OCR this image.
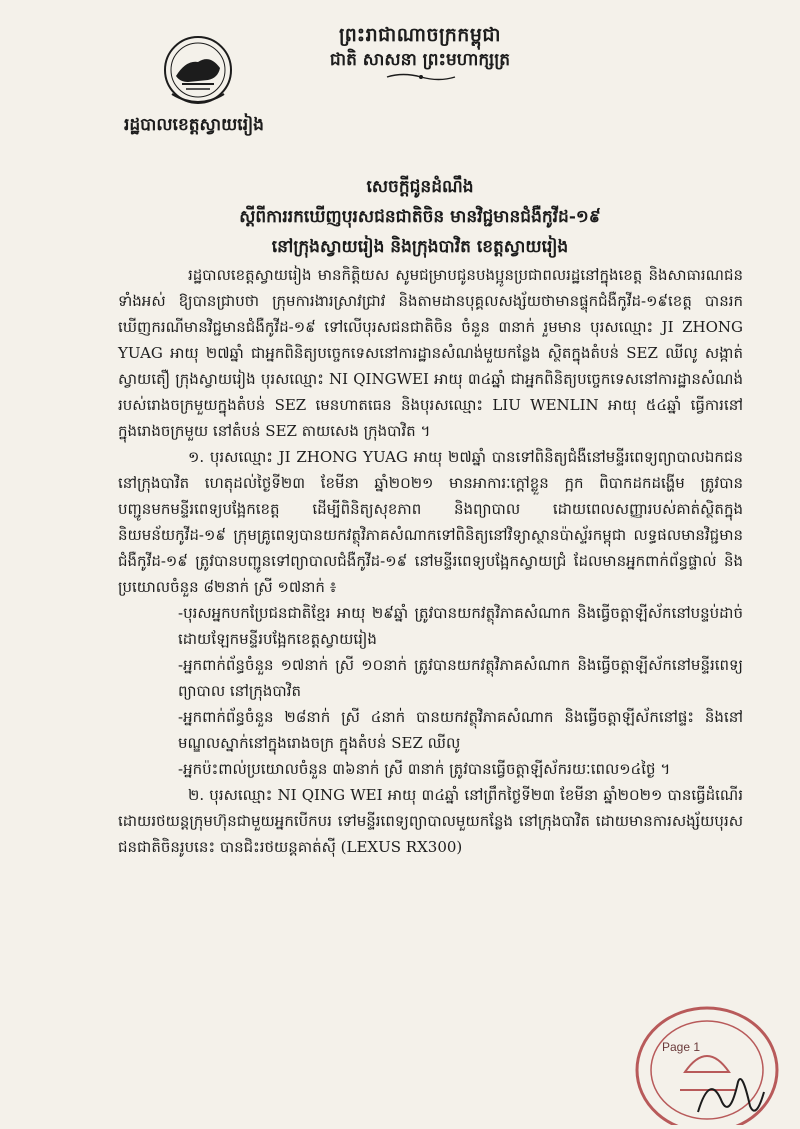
ព្រះរាជាណាចក្រកម្ពុជា
ជាតិ សាសនា ព្រះមហាក្សត្រ
រដ្ឋបាលខេត្តស្វាយរៀង
សេចក្តីជូនដំណឹង
ស្តីពីការរកឃើញបុរសជនជាតិចិន មានវិជ្ជមានជំងឺកូវីដ-១៩
នៅក្រុងស្វាយរៀង និងក្រុងបាវិត ខេត្តស្វាយរៀង

រដ្ឋបាលខេត្តស្វាយរៀង មានកិត្តិយស សូមជម្រាបជូនបងប្អូនប្រជាពលរដ្ឋនៅក្នុងខេត្ត និងសាធារណជនទាំងអស់ ឱ្យបានជ្រាបថា ក្រុមការងារស្រាវជ្រាវ និងតាមដានបុគ្គលសង្ស័យថាមានផ្ទុកជំងឺកូវីដ-១៩ខេត្ត បានរកឃើញករណីមានវិជ្ជមានជំងឺកូវីដ-១៩ ទៅលើបុរសជនជាតិចិន ចំនួន ៣នាក់ រួមមាន បុរសឈ្មោះ JI ZHONG YUAG អាយុ ២៧ឆ្នាំ ជាអ្នកពិនិត្យបច្ចេកទេសនៅការដ្ឋានសំណង់មួយកន្លែង ស្ថិតក្នុងតំបន់ SEZ ឈីលូ សង្កាត់ស្វាយតឿ ក្រុងស្វាយរៀង បុរសឈ្មោះ NI QINGWEI អាយុ ៣៤ឆ្នាំ ជាអ្នកពិនិត្យបច្ចេកទេសនៅការដ្ឋានសំណង់ របស់រោងចក្រមួយក្នុងតំបន់ SEZ មេនហាតធេន និងបុរសឈ្មោះ LIU WENLIN អាយុ ៥៤ឆ្នាំ ធ្វើការនៅក្នុងរោងចក្រមួយ នៅតំបន់ SEZ តាយសេង ក្រុងបាវិត ។

១. បុរសឈ្មោះ JI ZHONG YUAG អាយុ ២៧ឆ្នាំ បានទៅពិនិត្យជំងឺនៅមន្ទីរពេទ្យព្យាបាលឯកជន នៅក្រុងបាវិត ហេតុដល់ថ្ងៃទី២៣ ខែមីនា ឆ្នាំ២០២១ មានអាការៈក្តៅខ្លួន ក្អក ពិបាកដកដង្ហើម ត្រូវបានបញ្ជូនមកមន្ទីរពេទ្យបង្អែកខេត្ត ដើម្បីពិនិត្យសុខភាព និងព្យាបាល ដោយពេលសញ្ញារបស់គាត់ស្ថិតក្នុងនិយមន័យកូវីដ-១៩ ក្រុមគ្រូពេទ្យបានយកវត្ថុវិភាគសំណាកទៅពិនិត្យនៅវិទ្យាស្ថានប៉ាស្ទ័រកម្ពុជា លទ្ធផលមានវិជ្ជមានជំងឺកូវីដ-១៩ ត្រូវបានបញ្ជូនទៅព្យាបាលជំងឺកូវីដ-១៩ នៅមន្ទីរពេទ្យបង្អែកស្វាយជ្រំ ដែលមានអ្នកពាក់ព័ន្ធផ្ទាល់ និងប្រយោលចំនួន ៨២នាក់ ស្រី ១៧នាក់ ៖

-បុរសអ្នកបកប្រែជនជាតិខ្មែរ អាយុ ២៩ឆ្នាំ ត្រូវបានយកវត្ថុវិភាគសំណាក និងធ្វើចត្តាឡីស័កនៅបន្ទប់ដាច់ដោយឡែកមន្ទីរបង្អែកខេត្តស្វាយរៀង

-អ្នកពាក់ព័ន្ធចំនួន ១៧នាក់ ស្រី ១០នាក់ ត្រូវបានយកវត្ថុវិភាគសំណាក និងធ្វើចត្តាឡីស័កនៅមន្ទីរពេទ្យព្យាបាល នៅក្រុងបាវិត

-អ្នកពាក់ព័ន្ធចំនួន ២៨នាក់ ស្រី ៤នាក់ បានយកវត្ថុវិភាគសំណាក និងធ្វើចត្តាឡីស័កនៅផ្ទះ និងនៅមណ្ឌលស្នាក់នៅក្នុងរោងចក្រ ក្នុងតំបន់ SEZ ឈីលូ

-អ្នកប៉ះពាល់ប្រយោលចំនួន ៣៦នាក់ ស្រី ៣នាក់ ត្រូវបានធ្វើចត្តាឡីស័ករយៈពេល១៤ថ្ងៃ ។

២. បុរសឈ្មោះ NI QING WEI អាយុ ៣៤ឆ្នាំ នៅព្រឹកថ្ងៃទី២៣ ខែមីនា ឆ្នាំ២០២១ បានធ្វើដំណើរដោយរថយន្តក្រុមហ៊ុនជាមួយអ្នកបើកបរ ទៅមន្ទីរពេទ្យព្យាបាលមួយកន្លែង នៅក្រុងបាវិត ដោយមានការសង្ស័យបុរសជនជាតិចិនរូបនេះ បានជិះរថយន្តគាត់ស៊ី (LEXUS RX300)

Page 1
